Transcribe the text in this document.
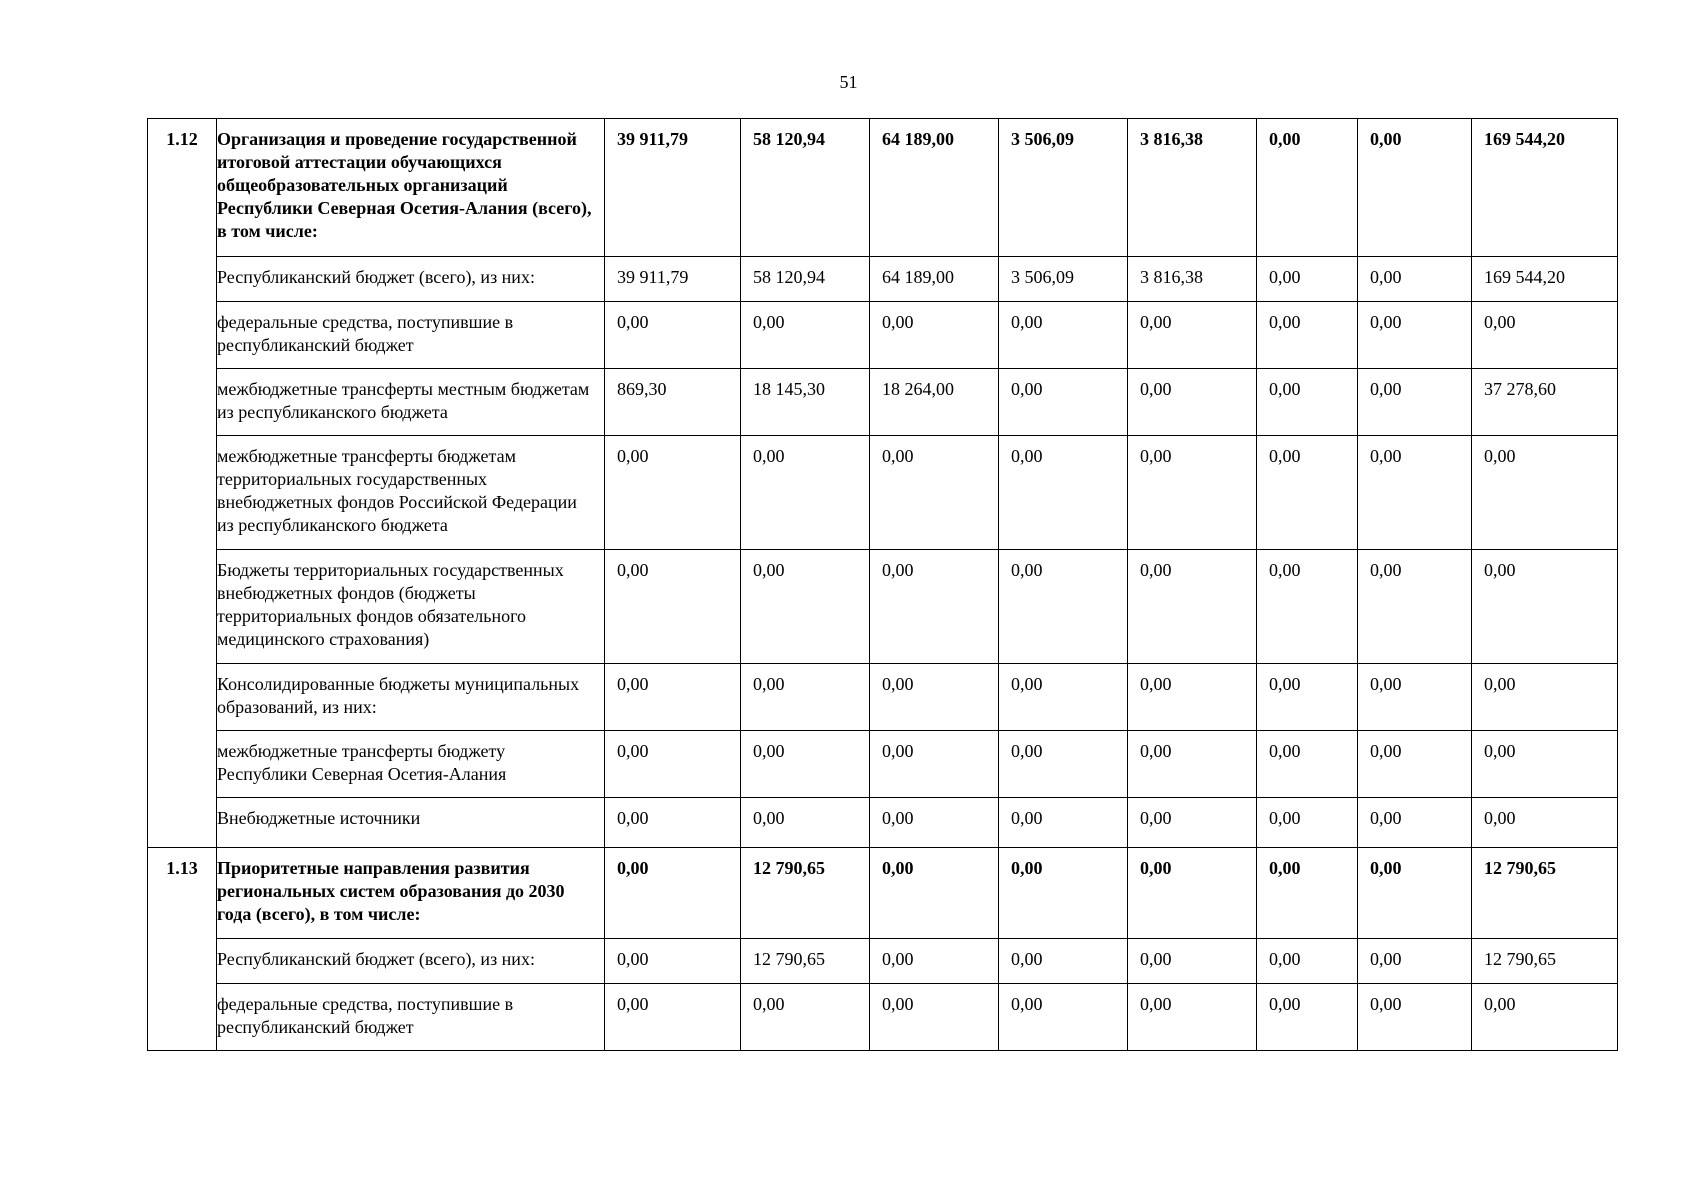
51
1.12	Организация и проведение государственной итоговой аттестации обучающихся общеобразовательных организаций Республики Северная Осетия-Алания (всего), в том числе:	39 911,79	58 120,94	64 189,00	3 506,09	3 816,38	0,00	0,00	169 544,20
	Республиканский бюджет (всего), из них:	39 911,79	58 120,94	64 189,00	3 506,09	3 816,38	0,00	0,00	169 544,20
	федеральные средства, поступившие в республиканский бюджет	0,00	0,00	0,00	0,00	0,00	0,00	0,00	0,00
	межбюджетные трансферты местным бюджетам из республиканского бюджета	869,30	18 145,30	18 264,00	0,00	0,00	0,00	0,00	37 278,60
	межбюджетные трансферты бюджетам территориальных государственных внебюджетных фондов Российской Федерации из республиканского бюджета	0,00	0,00	0,00	0,00	0,00	0,00	0,00	0,00
	Бюджеты территориальных государственных внебюджетных фондов (бюджеты территориальных фондов обязательного медицинского страхования)	0,00	0,00	0,00	0,00	0,00	0,00	0,00	0,00
	Консолидированные бюджеты муниципальных образований, из них:	0,00	0,00	0,00	0,00	0,00	0,00	0,00	0,00
	межбюджетные трансферты бюджету Республики Северная Осетия-Алания	0,00	0,00	0,00	0,00	0,00	0,00	0,00	0,00
	Внебюджетные источники	0,00	0,00	0,00	0,00	0,00	0,00	0,00	0,00
1.13	Приоритетные направления развития региональных систем образования до 2030 года (всего), в том числе:	0,00	12 790,65	0,00	0,00	0,00	0,00	0,00	12 790,65
	Республиканский бюджет (всего), из них:	0,00	12 790,65	0,00	0,00	0,00	0,00	0,00	12 790,65
	федеральные средства, поступившие в республиканский бюджет	0,00	0,00	0,00	0,00	0,00	0,00	0,00	0,00
